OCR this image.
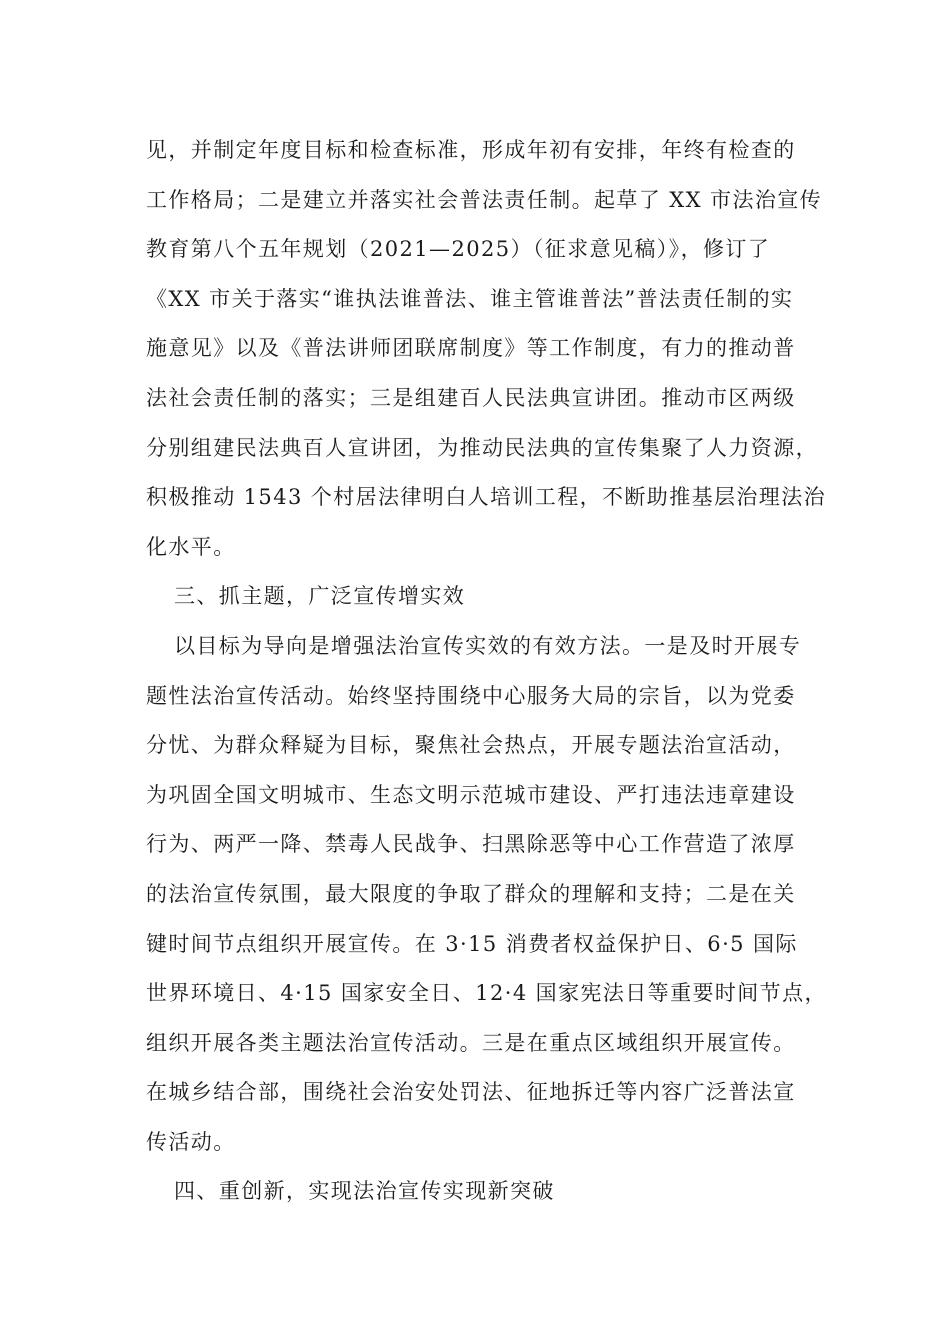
见，并制定年度目标和检查标准，形成年初有安排，年终有检查的
工作格局；二是建立并落实社会普法责任制。起草了 XX 市法治宣传
教育第八个五年规划（2021—2025）（征求意见稿）》，修订了
《XX 市关于落实“谁执法谁普法、谁主管谁普法”普法责任制的实
施意见》以及《普法讲师团联席制度》等工作制度，有力的推动普
法社会责任制的落实；三是组建百人民法典宣讲团。推动市区两级
分别组建民法典百人宣讲团，为推动民法典的宣传集聚了人力资源，
积极推动 1543 个村居法律明白人培训工程，不断助推基层治理法治
化水平。
三、抓主题，广泛宣传增实效
以目标为导向是增强法治宣传实效的有效方法。一是及时开展专
题性法治宣传活动。始终坚持围绕中心服务大局的宗旨，以为党委
分忧、为群众释疑为目标，聚焦社会热点，开展专题法治宣活动，
为巩固全国文明城市、生态文明示范城市建设、严打违法违章建设
行为、两严一降、禁毒人民战争、扫黑除恶等中心工作营造了浓厚
的法治宣传氛围，最大限度的争取了群众的理解和支持；二是在关
键时间节点组织开展宣传。在 3·15 消费者权益保护日、6·5 国际
世界环境日、4·15 国家安全日、12·4 国家宪法日等重要时间节点，
组织开展各类主题法治宣传活动。三是在重点区域组织开展宣传。
在城乡结合部，围绕社会治安处罚法、征地拆迁等内容广泛普法宣
传活动。
四、重创新，实现法治宣传实现新突破
